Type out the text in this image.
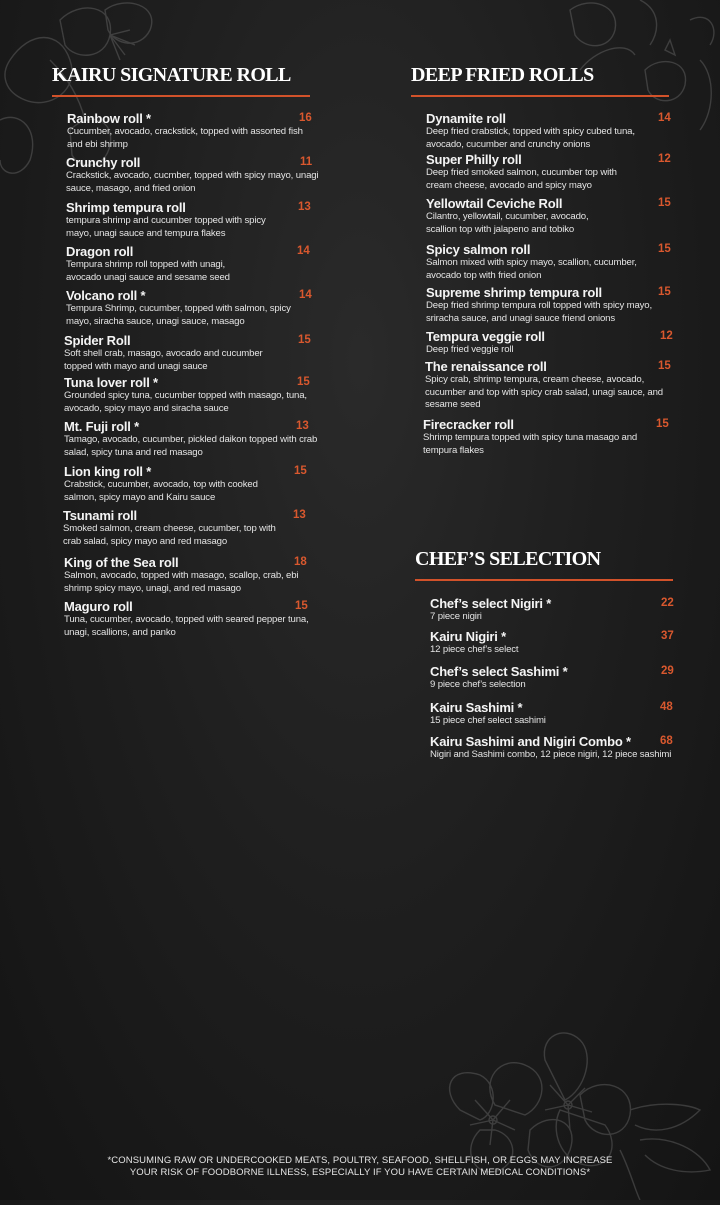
KAIRU SIGNATURE ROLL
Rainbow roll *	16
Cucumber, avocado, crackstick, topped with assorted fish and ebi shrimp
Crunchy roll	11
Crackstick, avocado, cucmber, topped with spicy mayo, unagi sauce, masago, and fried onion
Shrimp tempura roll	13
tempura shrimp and cucumber topped with spicy mayo, unagi sauce and tempura flakes
Dragon roll	14
Tempura shrimp roll topped with unagi, avocado unagi sauce and sesame seed
Volcano roll *	14
Tempura Shrimp, cucumber, topped with salmon, spicy mayo, siracha sauce, unagi sauce, masago
Spider Roll	15
Soft shell crab, masago, avocado and cucumber topped with mayo and unagi sauce
Tuna lover roll *	15
Grounded spicy tuna, cucumber topped with masago, tuna, avocado, spicy mayo and siracha sauce
Mt. Fuji roll *	13
Tamago, avocado, cucumber, pickled daikon topped with crab salad, spicy tuna and red masago
Lion king roll *	15
Crabstick, cucumber, avocado, top with cooked salmon, spicy mayo and Kairu sauce
Tsunami roll	13
Smoked salmon, cream cheese, cucumber, top with crab salad, spicy mayo and red masago
King of the Sea roll	18
Salmon, avocado, topped with masago, scallop, crab, ebi shrimp spicy mayo, unagi, and red masago
Maguro roll	15
Tuna, cucumber, avocado, topped with seared pepper tuna, unagi, scallions, and panko
DEEP FRIED ROLLS
Dynamite roll	14
Deep fried crabstick, topped with spicy cubed tuna, avocado, cucumber and crunchy onions
Super Philly roll	12
Deep fried smoked salmon, cucumber top with cream cheese, avocado and spicy mayo
Yellowtail Ceviche Roll	15
Cilantro, yellowtail, cucumber, avocado, scallion top with jalapeno and tobiko
Spicy salmon roll	15
Salmon mixed with spicy mayo, scallion, cucumber, avocado top with fried onion
Supreme shrimp tempura roll	15
Deep fried shrimp tempura roll topped with spicy mayo, sriracha sauce, and unagi sauce friend onions
Tempura veggie roll	12
Deep fried veggie roll
The renaissance roll	15
Spicy crab, shrimp tempura, cream cheese, avocado, cucumber and top with spicy crab salad, unagi sauce, and sesame seed
Firecracker roll	15
Shrimp tempura topped with spicy tuna masago and tempura flakes
CHEF’S SELECTION
Chef’s select Nigiri *	22
7 piece nigiri
Kairu Nigiri *	37
12 piece chef’s select
Chef’s select Sashimi *	29
9 piece chef’s selection
Kairu Sashimi *	48
15 piece chef select sashimi
Kairu Sashimi and Nigiri Combo *	68
Nigiri and Sashimi combo, 12 piece nigiri, 12 piece sashimi
*CONSUMING RAW OR UNDERCOOKED MEATS, POULTRY, SEAFOOD, SHELLFISH, OR EGGS MAY INCREASE
YOUR RISK OF FOODBORNE ILLNESS, ESPECIALLY IF YOU HAVE CERTAIN MEDICAL CONDITIONS*
